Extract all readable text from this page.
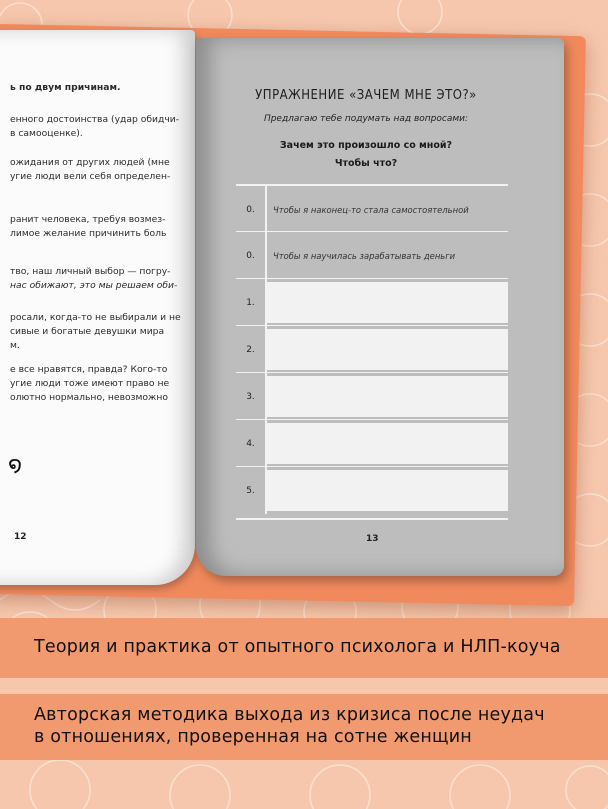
ь по двум причинам.
енного достоинства (удар обидчи-
в самооценке).
ожидания от других людей (мне
угие люди вели себя определен-
ранит человека, требуя возмез-
лимое желание причинить боль
тво, наш личный выбор — погру-
нас обижают, это мы решаем оби-
росали, когда-то не выбирали и не
сивые и богатые девушки мира
м.
е все нравятся, правда? Кого-то
угие люди тоже имеют право не
олютно нормально, невозможно
໑
12
УПРАЖНЕНИЕ «ЗАЧЕМ МНЕ ЭТО?»
Предлагаю тебе подумать над вопросами:
Зачем это произошло со мной?
Чтобы что?
0.	Чтобы я наконец-то стала самостоятельной
0.	Чтобы я научилась зарабатывать деньги
1.
2.
3.
4.
5.
13
Теория и практика от опытного психолога и НЛП-коуча
Авторская методика выхода из кризиса после неудач
в отношениях, проверенная на сотне женщин
